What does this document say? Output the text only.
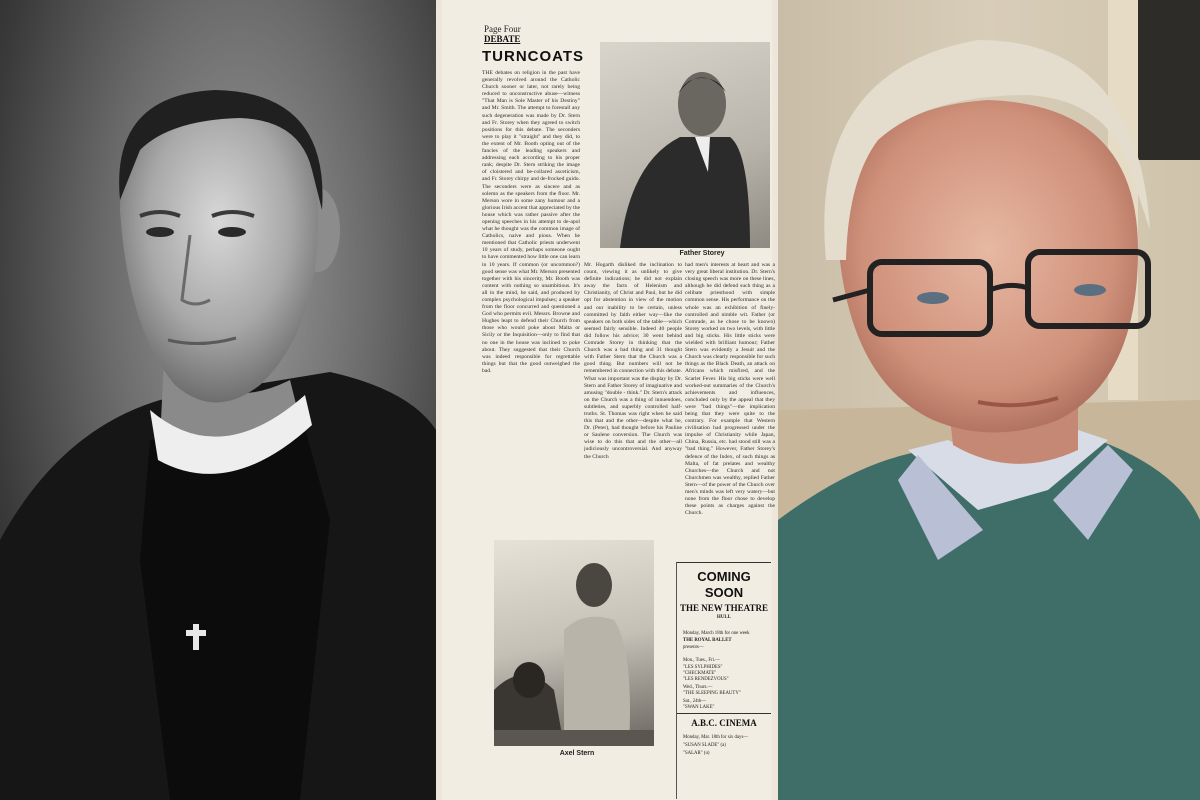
Page Four
DEBATE
TURNCOATS
THE debates on religion in the past have generally revolved around the Catholic Church sooner or later, not rarely being reduced to unconstructive abuse—witness "That Man is Sole Master of his Destiny" and Mr. Smith. The attempt to forestall any such degeneration was made by Dr. Stern and Fr. Storey when they agreed to switch positions for this debate. The seconders were to play it "straight" and they did, to the extent of Mr. Booth opting out of the fancies of the leading speakers and addressing each according to his proper rank; despite Dr. Stern striking the image of cloistered and be-collared asceticism, and Fr. Storey chirpy and de-frocked guido. The seconders were as sincere and as solemn as the speakers from the floor. Mr. Merson wore in some zany humour and a glorious Irish accent that appreciated by the house which was rather passive after the opening speeches in his attempt to de-apol what he thought was the common image of Catholics, naive and pious. When he mentioned that Catholic priests underwent 10 years of study, perhaps someone ought to have commented how little one can learn in 10 years. If common (or uncommon?) good sense was what Mr. Merson presented together with his sincerity, Mr. Booth was content with nothing so unambitious. It's all in the mind, he said, and produced by complex psychological impulses; a speaker from the floor concurred and questioned a God who permits evil. Messrs. Browne and Hughes leapt to defend their Church from those who would poke about Malta or Sicily or the Inquisition—only to find that no one in the house was inclined to poke about. They suggested that their Church was indeed responsible for regrettable things but that the good outweighed the bad.
Father Storey
Mr. Hogarth disliked the inclination to count, viewing it as unlikely to give definite indications; he did not explain away the facts of Helenism and Christianity, of Christ and Paul, but he did opt for abstention in view of the motion and our inability to be certain, unless committed by faith either way—like the speakers on both sides of the table—which seemed fairly sensible. Indeed 40 people did follow his advice; 30 went behind Comrade Storey in thinking that the Church was a bad thing and 31 thought with Father Stern that the Church was a good thing. But numbers will not be remembered in connection with this debate. What was important was the display by Dr. Stern and Father Storey of imaginative and amusing "double - think." Dr. Stern's attack on the Church was a thing of innuendoes, subtleties, and superbly controlled half-truths. St. Thomas was right when he said this that and the other—despite what he, Dr. (Peter), had thought before his Pauline or Saulene conversion. The Church was wise to do this that and the other—all judiciously uncontroversial. And anyway the Church
had men's interests at heart and was a very great liberal institution. Dr. Stern's closing speech was more on these lines, although he did defend such thing as a celibate priesthood with simple common sense. His performance on the whole was an exhibition of finely-controlled and nimble wit. Father (or Comrade, as he chose to be known) Storey worked on two levels, with little and big sticks. His little sticks were wielded with brilliant humour; Father Stern was evidently a Jesuit and the Church was clearly responsible for such things as the Black Death, an attack on Africans which misfired, and the Scarlet Fever. His big sticks were well worked-out summaries of the Church's achievements and influences, concluded only by the appeal that they were "bad things"—the implication being that they were quite to the contrary. For example that Western civilisation had progressed under the impulse of Christianity while Japan, China, Russia, etc. had stood still was a "bad thing." However, Father Storey's defence of the Index, of such things as Malta, of fat prelates and wealthy Churches—the Church and not Churchmen was wealthy, replied Father Stern—of the power of the Church over men's minds was left very watery—but none from the floor chose to develop these points as charges against the Church.
Axel Stern
COMING
SOON
THE NEW THEATRE
HULL
Monday, March 18th for one week
THE ROYAL BALLET
presents—
Mon., Tues., Fri.—
"LES SYLPHIDES"
"CHECKMATE"
"LES RENDEZVOUS"
Wed., Thurs.—
"THE SLEEPING BEAUTY"
Sat., 24th—
"SWAN LAKE"
A.B.C. CINEMA
Monday, Mar. 18th for six days—
"SUSAN SLADE" (a)
"SALAR" (u)
